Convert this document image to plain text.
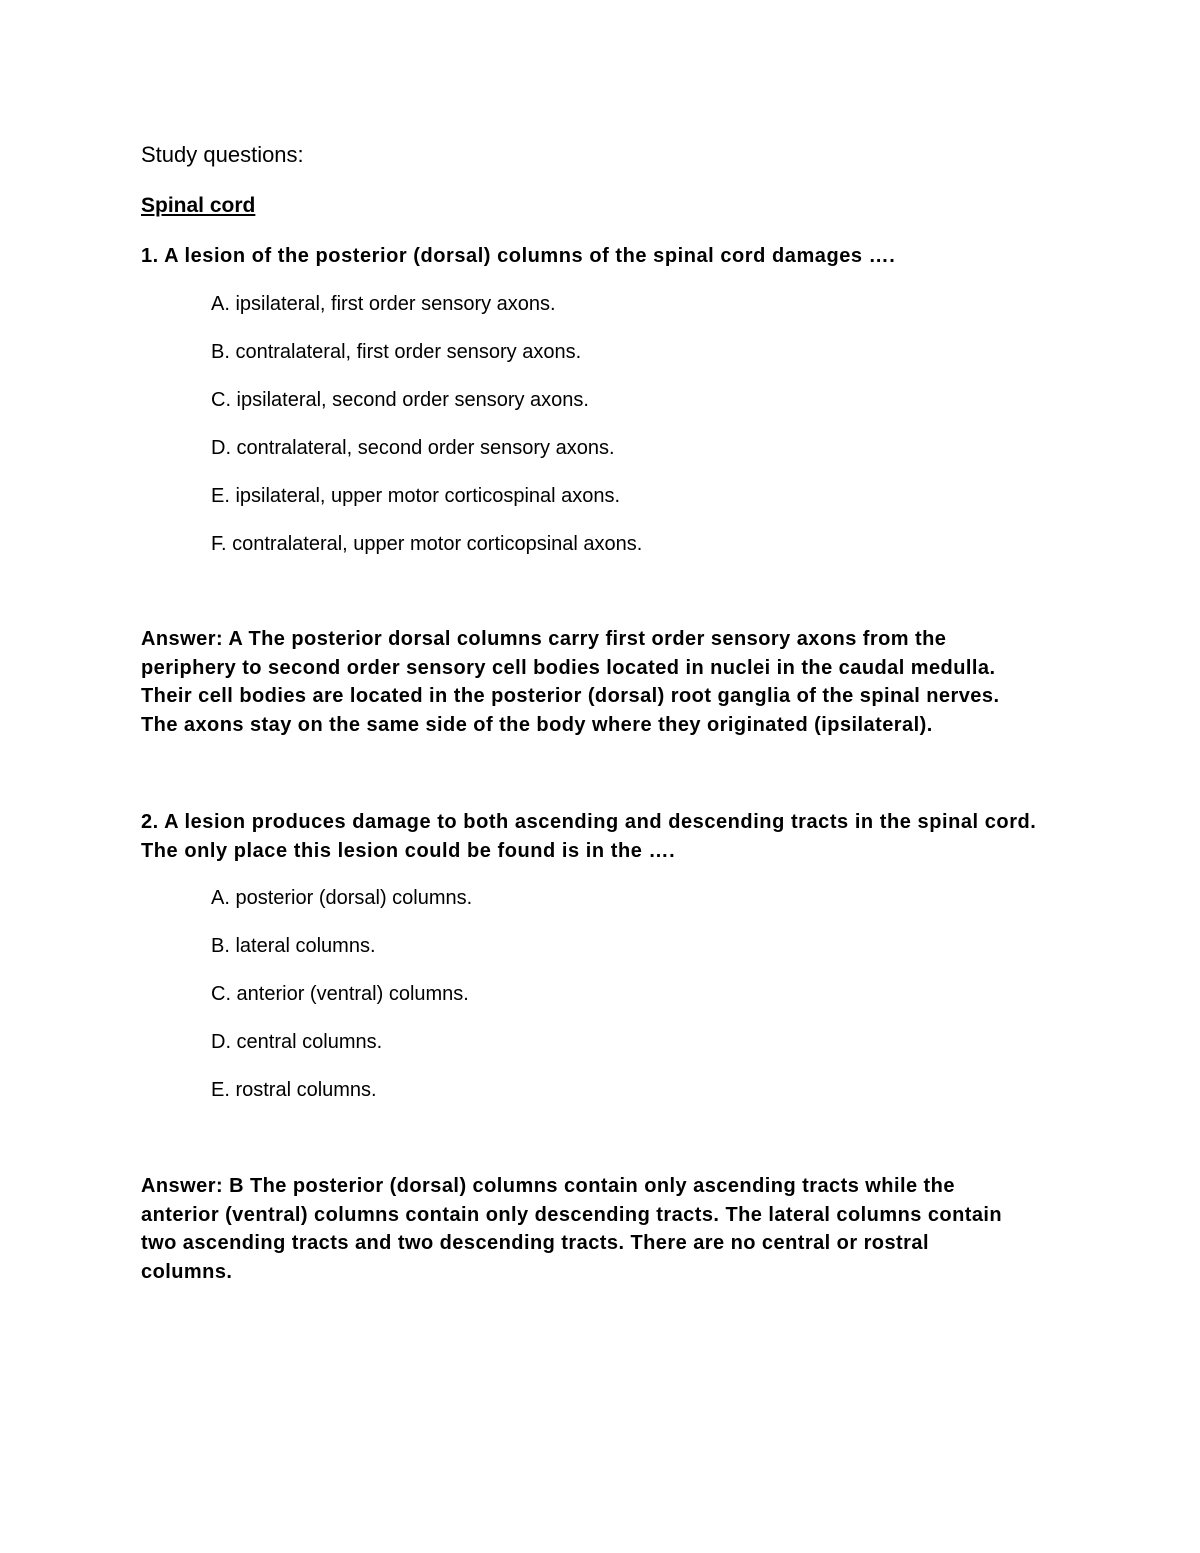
Study questions:
Spinal cord
1. A lesion of the posterior (dorsal) columns of the spinal cord damages ….
A. ipsilateral, first order sensory axons.
B. contralateral, first order sensory axons.
C. ipsilateral, second order sensory axons.
D. contralateral, second order sensory axons.
E. ipsilateral, upper motor corticospinal axons.
F. contralateral, upper motor corticopsinal axons.
Answer: A The posterior dorsal columns carry first order sensory axons from the
periphery to second order sensory cell bodies located in nuclei in the caudal medulla.
Their cell bodies are located in the posterior (dorsal) root ganglia of the spinal nerves.
The axons stay on the same side of the body where they originated (ipsilateral).
2. A lesion produces damage to both ascending and descending tracts in the spinal cord.
The only place this lesion could be found is in the ….
A. posterior (dorsal) columns.
B. lateral columns.
C. anterior (ventral) columns.
D. central columns.
E. rostral columns.
Answer: B The posterior (dorsal) columns contain only ascending tracts while the
anterior (ventral) columns contain only descending tracts. The lateral columns contain
two ascending tracts and two descending tracts. There are no central or rostral
columns.
